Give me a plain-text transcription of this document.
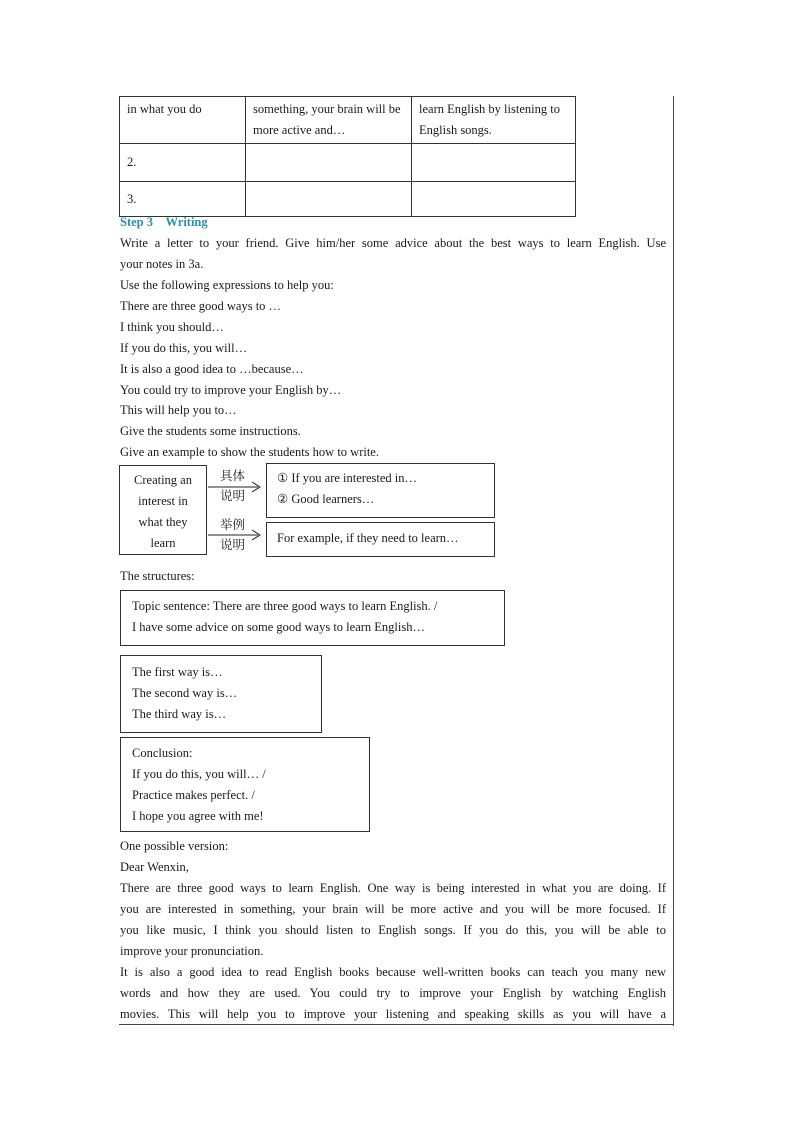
in what you do	something, your brain will be more active and…	learn English by listening to English songs.
2.		
3.		
Step 3 Writing
Write a letter to your friend. Give him/her some advice about the best ways to learn English. Use
your notes in 3a.
Use the following expressions to help you:
There are three good ways to …
I think you should…
If you do this, you will…
It is also a good idea to …because…
You could try to improve your English by…
This will help you to…
Give the students some instructions.
Give an example to show the students how to write.
Creating an
interest in
what they
learn
具体
说明
举例
说明
① If you are interested in…
② Good learners…
For example, if they need to learn…
The structures:
Topic sentence: There are three good ways to learn English. /
I have some advice on some good ways to learn English…
The first way is…
The second way is…
The third way is…
Conclusion:
If you do this, you will… /
Practice makes perfect. /
I hope you agree with me!
One possible version:
Dear Wenxin,
There are three good ways to learn English. One way is being interested in what you are doing. If
you are interested in something, your brain will be more active and you will be more focused. If
you like music, I think you should listen to English songs. If you do this, you will be able to
improve your pronunciation.
It is also a good idea to read English books because well-written books can teach you many new
words and how they are used. You could try to improve your English by watching English
movies. This will help you to improve your listening and speaking skills as you will have a
